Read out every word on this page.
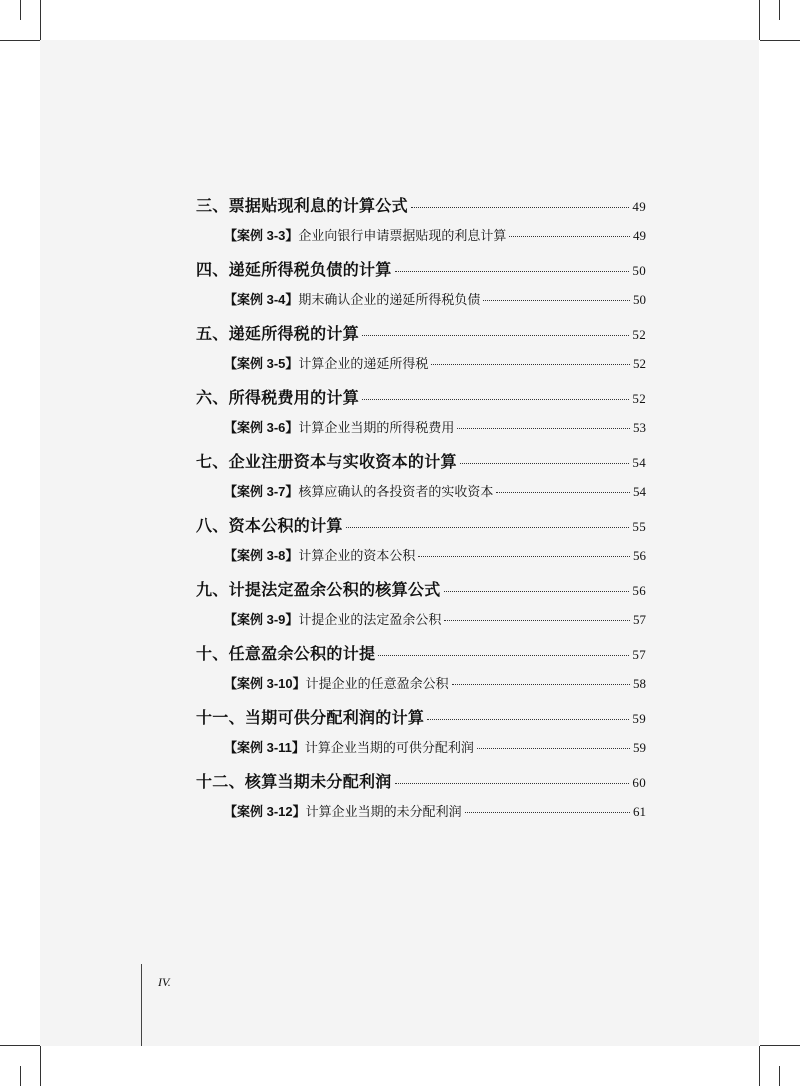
三、票据贴现利息的计算公式	49
【案例 3-3】 企业向银行申请票据贴现的利息计算	49
四、递延所得税负债的计算	50
【案例 3-4】 期末确认企业的递延所得税负债	50
五、递延所得税的计算	52
【案例 3-5】 计算企业的递延所得税	52
六、所得税费用的计算	52
【案例 3-6】 计算企业当期的所得税费用	53
七、企业注册资本与实收资本的计算	54
【案例 3-7】 核算应确认的各投资者的实收资本	54
八、资本公积的计算	55
【案例 3-8】 计算企业的资本公积	56
九、计提法定盈余公积的核算公式	56
【案例 3-9】 计提企业的法定盈余公积	57
十、任意盈余公积的计提	57
【案例 3-10】 计提企业的任意盈余公积	58
十一、当期可供分配利润的计算	59
【案例 3-11】 计算企业当期的可供分配利润	59
十二、核算当期未分配利润	60
【案例 3-12】 计算企业当期的未分配利润	61
IV.
